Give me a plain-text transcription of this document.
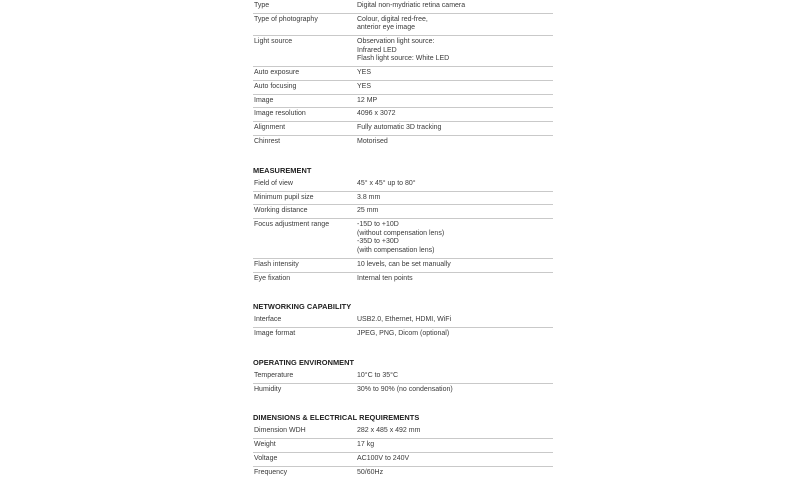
Type	Digital non-mydriatic retina camera
Type of photography	Colour, digital red-free,
anterior eye image
Light source	Observation light source:
Infrared LED
Flash light source: White LED
Auto exposure	YES
Auto focusing	YES
Image	12 MP
Image resolution	4096 x 3072
Alignment	Fully automatic 3D tracking
Chinrest	Motorised
MEASUREMENT
Field of view	45° x 45° up to 80°
Minimum pupil size	3.8 mm
Working distance	25 mm
Focus adjustment range	-15D to +10D
(without compensation lens)
-35D to +30D
(with compensation lens)
Flash intensity	10 levels, can be set manually
Eye fixation	Internal ten points
NETWORKING CAPABILITY
Interface	USB2.0, Ethernet, HDMI, WiFi
Image format	JPEG, PNG, Dicom (optional)
OPERATING ENVIRONMENT
Temperature	10°C to 35°C
Humidity	30% to 90% (no condensation)
DIMENSIONS & ELECTRICAL REQUIREMENTS
Dimension WDH	282 x 485 x 492 mm
Weight	17 kg
Voltage	AC100V to 240V
Frequency	50/60Hz
